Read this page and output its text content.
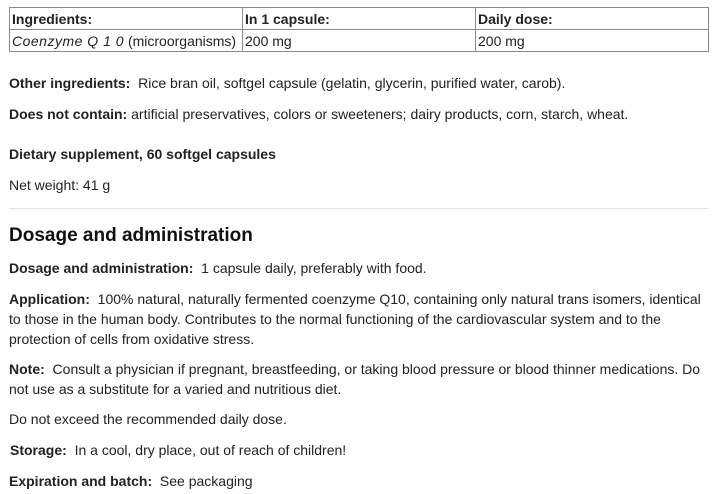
Ingredients:	In 1 capsule:	Daily dose:
Coenzyme Q 1 0 (microorganisms)	200 mg	200 mg

Other ingredients:  Rice bran oil, softgel capsule (gelatin, glycerin, purified water, carob).

Does not contain: artificial preservatives, colors or sweeteners; dairy products, corn, starch, wheat.

Dietary supplement, 60 softgel capsules

Net weight: 41 g

Dosage and administration

Dosage and administration:  1 capsule daily, preferably with food.

Application:  100% natural, naturally fermented coenzyme Q10, containing only natural trans isomers, identical to those in the human body. Contributes to the normal functioning of the cardiovascular system and to the protection of cells from oxidative stress.

Note:  Consult a physician if pregnant, breastfeeding, or taking blood pressure or blood thinner medications. Do not use as a substitute for a varied and nutritious diet.

Do not exceed the recommended daily dose.

Storage:  In a cool, dry place, out of reach of children!

Expiration and batch:  See packaging
